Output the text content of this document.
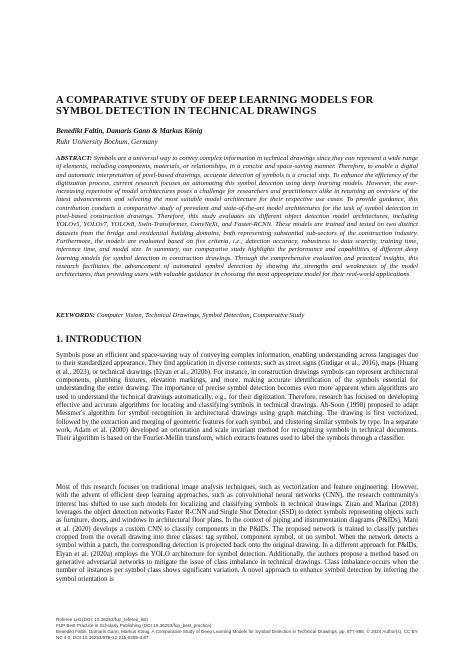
A COMPARATIVE STUDY OF DEEP LEARNING MODELS FOR SYMBOL DETECTION IN TECHNICAL DRAWINGS
Benedikt Faltin, Damaris Gann & Markus König
Ruhr University Bochum, Germany
ABSTRACT: Symbols are a universal way to convey complex information in technical drawings since they can represent a wide range of elements, including components, materials, or relationships, in a concise and space-saving manner. Therefore, to enable a digital and automatic interpretation of pixel-based drawings, accurate detection of symbols is a crucial step. To enhance the efficiency of the digitization process, current research focuses on automating this symbol detection using deep learning models. However, the ever-increasing repertoire of model architectures poses a challenge for researchers and practitioners alike in retaining an overview of the latest advancements and selecting the most suitable model architecture for their respective use cases. To provide guidance, this contribution conducts a comparative study of prevalent and state-of-the-art model architectures for the task of symbol detection in pixel-based construction drawings. Therefore, this study evaluates six different object detection model architectures, including YOLOv5, YOLOv7, YOLOv8, Swin-Transformer, ConvNeXt, and Faster-RCNN. These models are trained and tested on two distinct datasets from the bridge and residential building domains, both representing substantial sub-sectors of the construction industry. Furthermore, the models are evaluated based on five criteria, i.e., detection accuracy, robustness to data scarcity, training time, inference time, and model size. In summary, our comparative study highlights the performance and capabilities of different deep learning models for symbol detection in construction drawings. Through the comprehensive evaluation and practical insights, this research facilitates the advancement of automated symbol detection by showing the strengths and weaknesses of the model architectures, thus providing users with valuable guidance in choosing the most appropriate model for their real-world applications.
KEYWORDS: Computer Vision, Technical Drawings, Symbol Detection, Comparative Study
1. INTRODUCTION

Symbols pose an efficient and space-saving way of conveying complex information, enabling understanding across languages due to their standardized appearance. They find application in diverse contexts, such as street signs (Gudigar et al., 2016), maps (Huang et al., 2023), or technical drawings (Elyan et al., 2020b). For instance, in construction drawings symbols can represent architectural components, plumbing fixtures, elevation markings, and more, making accurate identification of the symbols essential for understanding the entire drawing. The importance of precise symbol detection becomes even more apparent when algorithms are used to understand the technical drawings automatically, e.g., for their digitization. Therefore, research has focused on developing effective and accurate algorithms for locating and classifying symbols in technical drawings. Ah-Soon (1998) proposed to adapt Messmer's algorithm for symbol recognition in architectural drawings using graph matching. The drawing is first vectorized, followed by the extraction and merging of geometric features for each symbol, and clustering similar symbols by type. In a separate work, Adam et al. (2000) developed an orientation and scale invariant method for recognizing symbols in technical documents. Their algorithm is based on the Fourier-Mellin transform, which extracts features used to label the symbols through a classifier.

Most of this research focuses on traditional image analysis techniques, such as vectorization and feature engineering. However, with the advent of efficient deep learning approaches, such as convolutional neural networks (CNN), the research community's interest has shifted to use such models for localizing and classifying symbols in technical drawings. Ziran and Marinai (2018) leverages the object detection networks Faster R-CNN and Single Shot Detector (SSD) to detect symbols representing objects such as furniture, doors, and windows in architectural floor plans. In the context of piping and instrumentation diagrams (P&IDs), Mani et al. (2020) develops a custom CNN to classify components in the P&IDs. The proposed network is trained to classify patches cropped from the overall drawing into three classes: tag symbol, component symbol, or no symbol. When the network detects a symbol within a patch, the corresponding detection is projected back onto the original drawing. In a different approach for P&IDs, Elyan et al. (2020a) employs the YOLO architecture for symbol detection. Additionally, the authors propose a method based on generative adversarial networks to mitigate the issue of class imbalance in technical drawings. Class imbalance occurs when the number of instances per symbol class shows significant variation. A novel approach to enhance symbol detection by inferring the symbol orientation is

Referee List (DOI: 10.36253/fup_referee_list)
FUP Best Practice in Scholarly Publishing (DOI 10.36253/fup_best_practice)
Benedikt Faltin, Damaris Gann, Markus König, A Comparative Study of Deep Learning Models for Symbol Detection in Technical Drawings, pp. 877-886, © 2024 Author(s), CC BY NC 4.0, DOI 10.36253/979-12-215-0289-3.87
